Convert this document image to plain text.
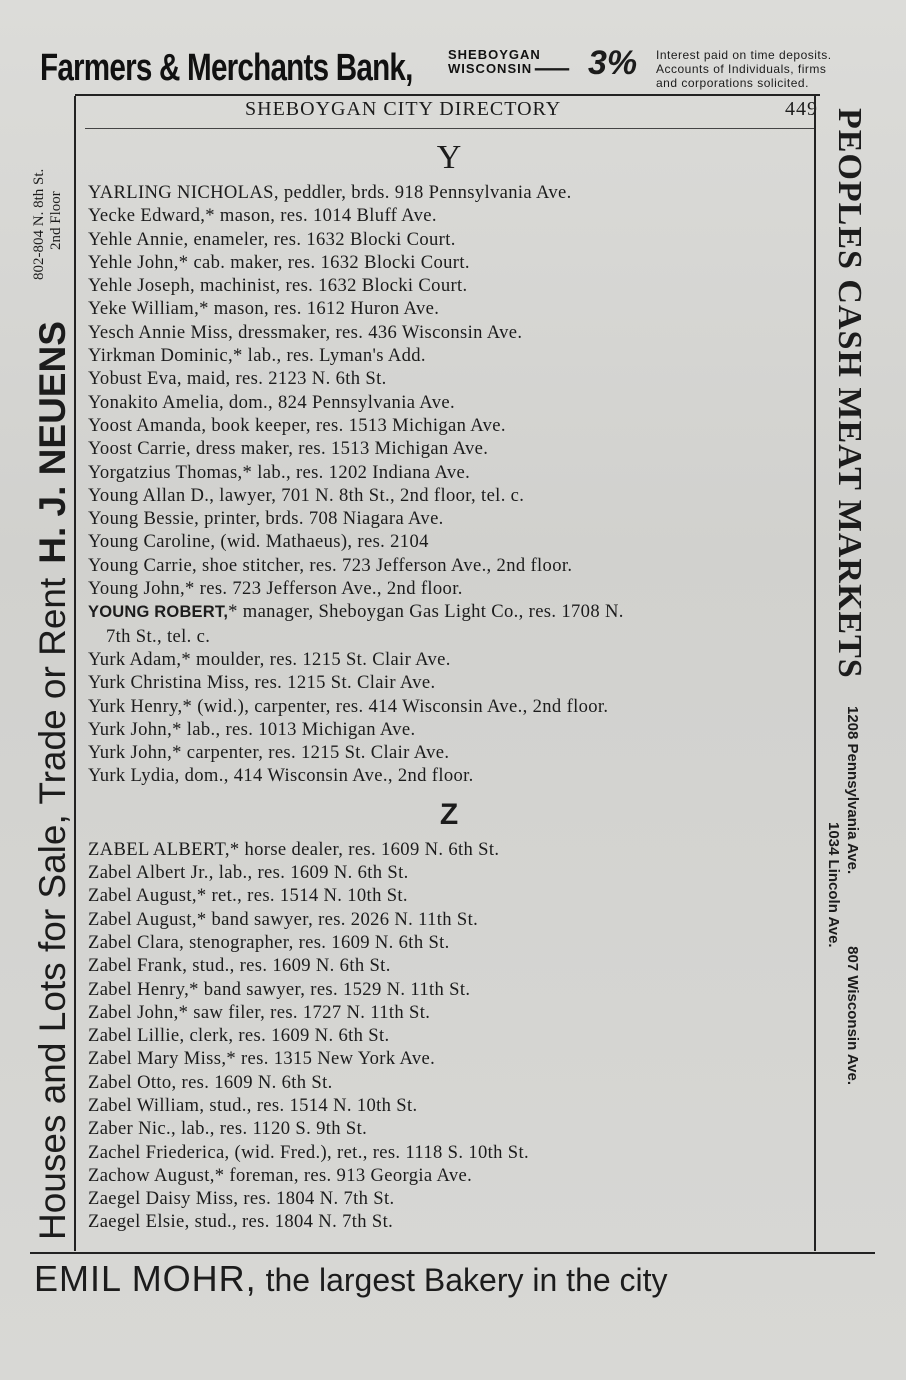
Farmers & Merchants Bank,	SHEBOYGAN
WISCONSIN — 3% Interest paid on time deposits.
Accounts of Individuals, firms
and corporations solicited.
SHEBOYGAN CITY DIRECTORY	449
Houses and Lots for Sale, Trade or Rent
H. J. NEUENS
802-804 N. 8th St. 2nd Floor	PEOPLES CASH MEAT MARKETS
1208 Pennsylvania Ave.807 Wisconsin Ave.
1034 Lincoln Ave.
Y
YARLING NICHOLAS, peddler, brds. 918 Pennsylvania Ave.
Yecke Edward,* mason, res. 1014 Bluff Ave.
Yehle Annie, enameler, res. 1632 Blocki Court.
Yehle John,* cab. maker, res. 1632 Blocki Court.
Yehle Joseph, machinist, res. 1632 Blocki Court.
Yeke William,* mason, res. 1612 Huron Ave.
Yesch Annie Miss, dressmaker, res. 436 Wisconsin Ave.
Yirkman Dominic,* lab., res. Lyman's Add.
Yobust Eva, maid, res. 2123 N. 6th St.
Yonakito Amelia, dom., 824 Pennsylvania Ave.
Yoost Amanda, book keeper, res. 1513 Michigan Ave.
Yoost Carrie, dress maker, res. 1513 Michigan Ave.
Yorgatzius Thomas,* lab., res. 1202 Indiana Ave.
Young Allan D., lawyer, 701 N. 8th St., 2nd floor, tel. c.
Young Bessie, printer, brds. 708 Niagara Ave.
Young Caroline, (wid. Mathaeus), res. 2104
Young Carrie, shoe stitcher, res. 723 Jefferson Ave., 2nd floor.
Young John,* res. 723 Jefferson Ave., 2nd floor.
YOUNG ROBERT,* manager, Sheboygan Gas Light Co., res. 1708 N.
7th St., tel. c.
Yurk Adam,* moulder, res. 1215 St. Clair Ave.
Yurk Christina Miss, res. 1215 St. Clair Ave.
Yurk Henry,* (wid.), carpenter, res. 414 Wisconsin Ave., 2nd floor.
Yurk John,* lab., res. 1013 Michigan Ave.
Yurk John,* carpenter, res. 1215 St. Clair Ave.
Yurk Lydia, dom., 414 Wisconsin Ave., 2nd floor.
Z
ZABEL ALBERT,* horse dealer, res. 1609 N. 6th St.
Zabel Albert Jr., lab., res. 1609 N. 6th St.
Zabel August,* ret., res. 1514 N. 10th St.
Zabel August,* band sawyer, res. 2026 N. 11th St.
Zabel Clara, stenographer, res. 1609 N. 6th St.
Zabel Frank, stud., res. 1609 N. 6th St.
Zabel Henry,* band sawyer, res. 1529 N. 11th St.
Zabel John,* saw filer, res. 1727 N. 11th St.
Zabel Lillie, clerk, res. 1609 N. 6th St.
Zabel Mary Miss,* res. 1315 New York Ave.
Zabel Otto, res. 1609 N. 6th St.
Zabel William, stud., res. 1514 N. 10th St.
Zaber Nic., lab., res. 1120 S. 9th St.
Zachel Friederica, (wid. Fred.), ret., res. 1118 S. 10th St.
Zachow August,* foreman, res. 913 Georgia Ave.
Zaegel Daisy Miss, res. 1804 N. 7th St.
Zaegel Elsie, stud., res. 1804 N. 7th St.
EMIL MOHR, the largest Bakery in the city
